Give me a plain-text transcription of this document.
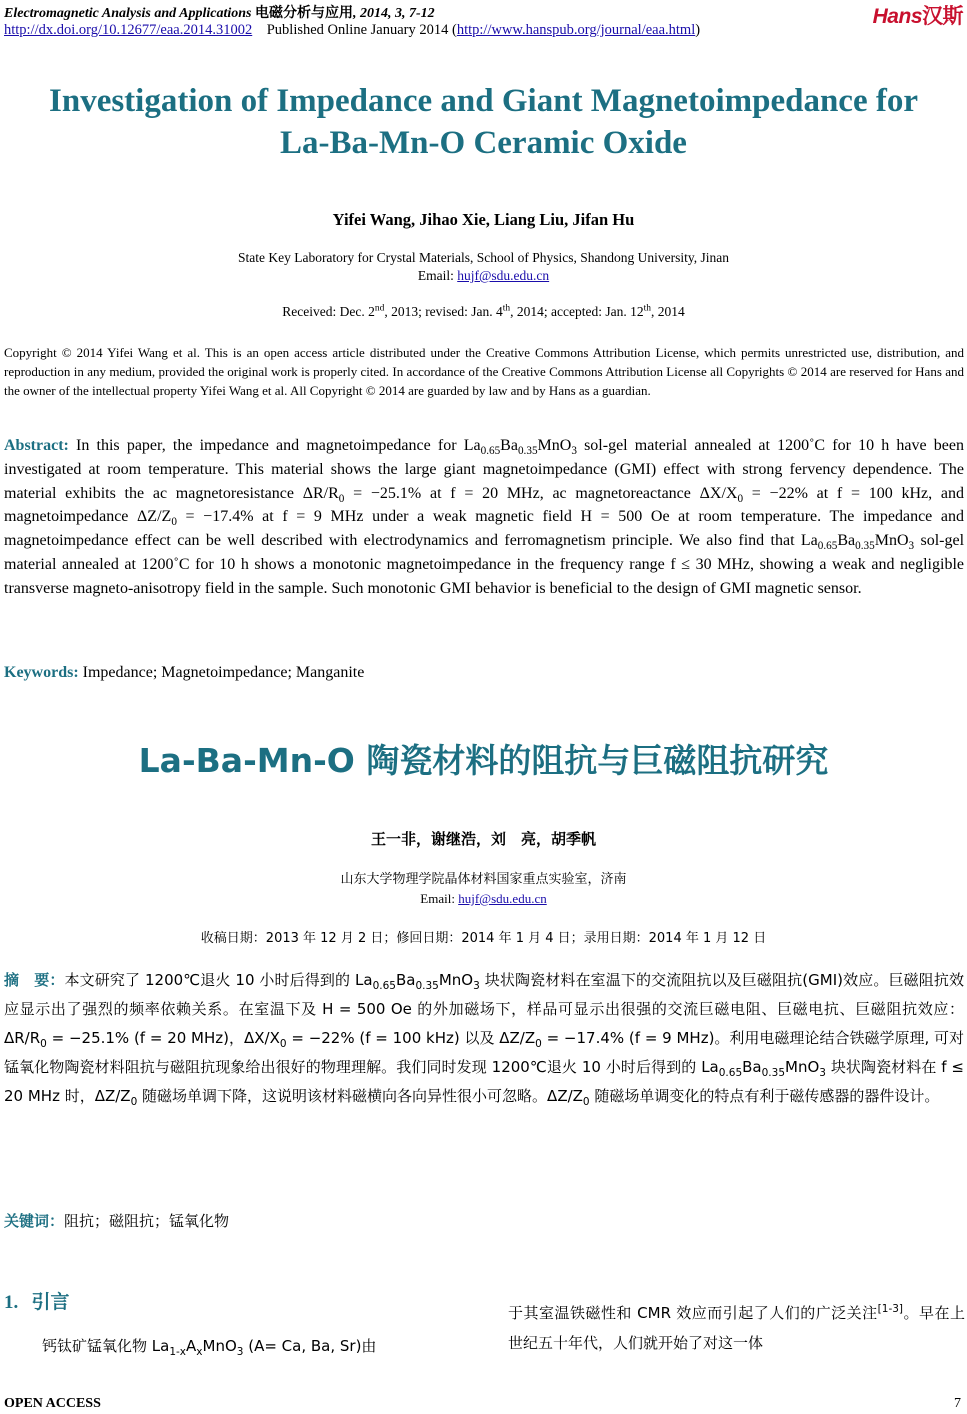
Electromagnetic Analysis and Applications 电磁分析与应用, 2014, 3, 7-12	Hans汉斯
http://dx.doi.org/10.12677/eaa.2014.31002 Published Online January 2014 (http://www.hanspub.org/journal/eaa.html)
Investigation of Impedance and Giant Magnetoimpedance for
La-Ba-Mn-O Ceramic Oxide
Yifei Wang, Jihao Xie, Liang Liu, Jifan Hu
State Key Laboratory for Crystal Materials, School of Physics, Shandong University, Jinan
Email: hujf@sdu.edu.cn
Received: Dec. 2nd, 2013; revised: Jan. 4th, 2014; accepted: Jan. 12th, 2014
Copyright © 2014 Yifei Wang et al. This is an open access article distributed under the Creative Commons Attribution License, which permits unrestricted use, distribution, and reproduction in any medium, provided the original work is properly cited. In accordance of the Creative Commons Attribution License all Copyrights © 2014 are reserved for Hans and the owner of the intellectual property Yifei Wang et al. All Copyright © 2014 are guarded by law and by Hans as a guardian.
Abstract: In this paper, the impedance and magnetoimpedance for $La_{0.65}Ba_{0.35}MnO_3$ sol-gel material annealed at 1200˚C for 10 h have been investigated at room temperature. This material shows the large giant magnetoimpedance (GMI) effect with strong fervency dependence. The material exhibits the ac magnetoresistance $\Delta R/R_0 = -25.1\%$ at f = 20 MHz, ac magnetoreactance $\Delta X/X_0 = -22\%$ at f = 100 kHz, and magnetoimpedance $\Delta Z/Z_0 = -17.4\%$ at f = 9 MHz under a weak magnetic field H = 500 Oe at room temperature. The impedance and magnetoimpedance effect can be well described with electrodynamics and ferromagnetism principle. We also find that $La_{0.65}Ba_{0.35}MnO_3$ sol-gel material annealed at 1200˚C for 10 h shows a monotonic magnetoimpedance in the frequency range f ≤ 30 MHz, showing a weak and negligible transverse magneto-anisotropy field in the sample. Such monotonic GMI behavior is beneficial to the design of GMI magnetic sensor.
Keywords: Impedance; Magnetoimpedance; Manganite
La-Ba-Mn-O 陶瓷材料的阻抗与巨磁阻抗研究
王一非，谢继浩，刘　亮，胡季帆
山东大学物理学院晶体材料国家重点实验室，济南
Email: hujf@sdu.edu.cn
收稿日期：2013 年 12 月 2 日；修回日期：2014 年 1 月 4 日；录用日期：2014 年 1 月 12 日
摘　要：本文研究了 1200℃退火 10 小时后得到的 $La_{0.65}Ba_{0.35}MnO_3$ 块状陶瓷材料在室温下的交流阻抗以及巨磁阻抗(GMI)效应。巨磁阻抗效应显示出了强烈的频率依赖关系。在室温下及 H = 500 Oe 的外加磁场下，样品可显示出很强的交流巨磁电阻、巨磁电抗、巨磁阻抗效应：$\Delta R/R_0 = -25.1\%$ (f = 20 MHz)，$\Delta X/X_0 = -22\%$ (f = 100 kHz) 以及 $\Delta Z/Z_0 = -17.4\%$ (f = 9 MHz)。利用电磁理论结合铁磁学原理, 可对锰氧化物陶瓷材料阻抗与磁阻抗现象给出很好的物理理解。我们同时发现 1200℃退火 10 小时后得到的 $La_{0.65}Ba_{0.35}MnO_3$ 块状陶瓷材料在 f ≤ 20 MHz 时，$\Delta Z/Z_0$ 随磁场单调下降，这说明该材料磁横向各向异性很小可忽略。$\Delta Z/Z_0$ 随磁场单调变化的特点有利于磁传感器的器件设计。
关键词：阻抗；磁阻抗；锰氧化物
1. 引言
钙钛矿锰氧化物 $La_{1-x}A_xMnO_3$ (A= Ca, Ba, Sr)由
于其室温铁磁性和 CMR 效应而引起了人们的广泛关注[1-3]。早在上世纪五十年代，人们就开始了对这一体
OPEN ACCESS	7
